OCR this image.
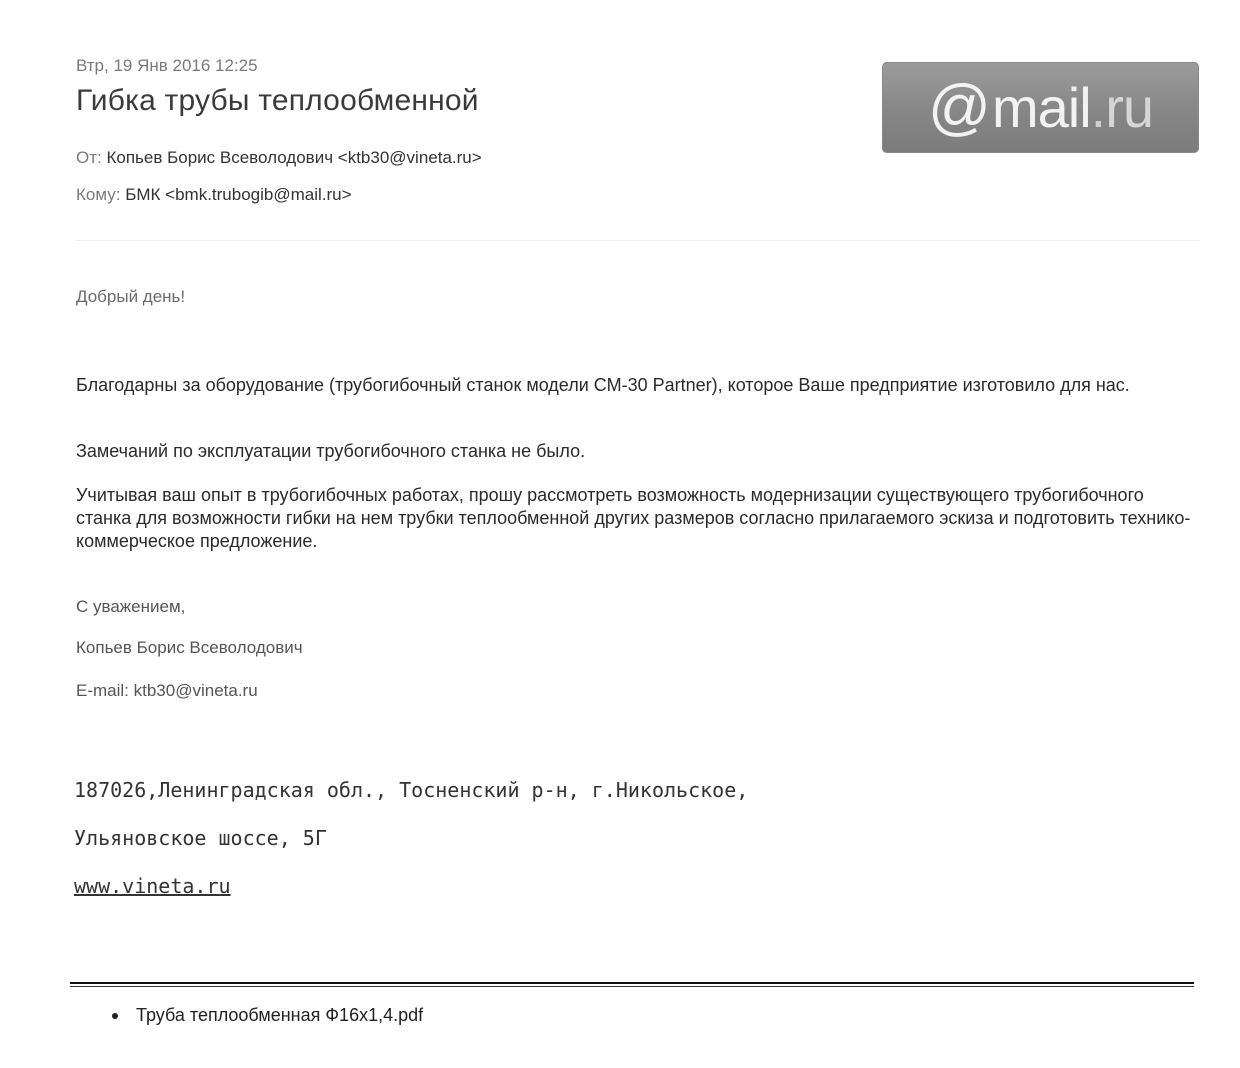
Втр, 19 Янв 2016 12:25
Гибка трубы теплообменной	@ mail . ru
От: Копьев Борис Всеволодович <ktb30@vineta.ru>
Кому: БМК <bmk.trubogib@mail.ru>
Добрый день!
Благодарны за оборудование (трубогибочный станок модели СМ-30 Partner), которое Ваше предприятие изготовило для нас.
Замечаний по эксплуатации трубогибочного станка не было.
Учитывая ваш опыт в трубогибочных работах, прошу рассмотреть возможность модернизации существующего трубогибочного станка для возможности гибки на нем трубки теплообменной других размеров согласно прилагаемого эскиза и подготовить технико-коммерческое предложение.
С уважением,
Копьев Борис Всеволодович
E-mail: ktb30@vineta.ru
187026,Ленинградская обл., Тосненский р-н, г.Никольское,
Ульяновское шоссе, 5Г
www.vineta.ru
Труба теплообменная Ф16х1,4.pdf
